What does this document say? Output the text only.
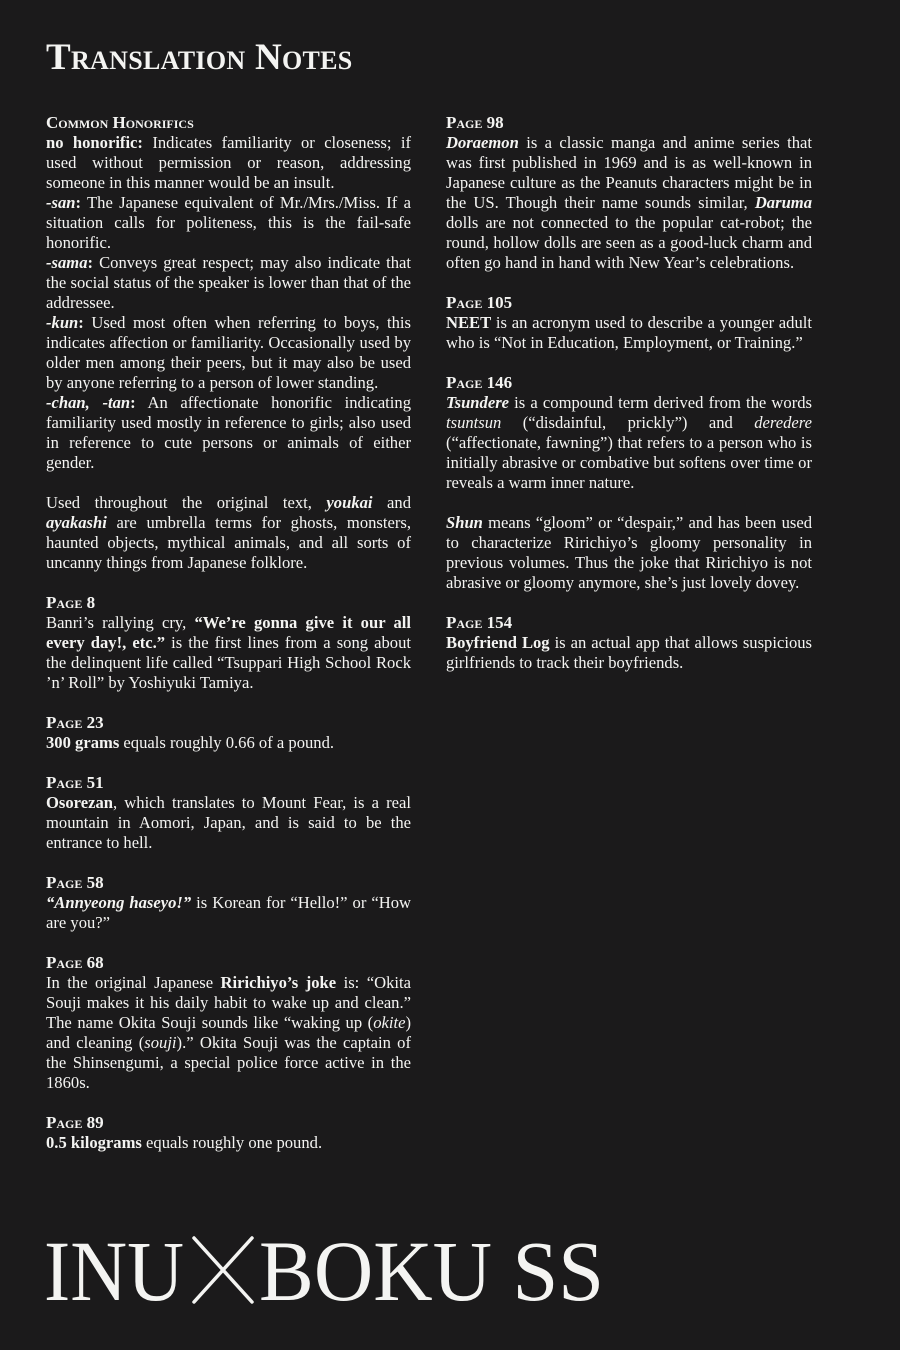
Translation Notes
Common Honorifics
no honorific: Indicates familiarity or closeness; if used without permission or reason, addressing someone in this manner would be an insult.
-san: The Japanese equivalent of Mr./Mrs./Miss. If a situation calls for politeness, this is the fail-safe honorific.
-sama: Conveys great respect; may also indicate that the social status of the speaker is lower than that of the addressee.
-kun: Used most often when referring to boys, this indicates affection or familiarity. Occasionally used by older men among their peers, but it may also be used by anyone referring to a person of lower standing.
-chan, -tan: An affectionate honorific indicating familiarity used mostly in reference to girls; also used in reference to cute persons or animals of either gender.
Used throughout the original text, youkai and ayakashi are umbrella terms for ghosts, monsters, haunted objects, mythical animals, and all sorts of uncanny things from Japanese folklore.
Page 8
Banri’s rallying cry, “We’re gonna give it our all every day!, etc.” is the first lines from a song about the delinquent life called “Tsuppari High School Rock ’n’ Roll” by Yoshiyuki Tamiya.
Page 23
300 grams equals roughly 0.66 of a pound.
Page 51
Osorezan, which translates to Mount Fear, is a real mountain in Aomori, Japan, and is said to be the entrance to hell.
Page 58
“Annyeong haseyo!” is Korean for “Hello!” or “How are you?”
Page 68
In the original Japanese Ririchiyo’s joke is: “Okita Souji makes it his daily habit to wake up and clean.” The name Okita Souji sounds like “waking up (okite) and cleaning (souji).” Okita Souji was the captain of the Shinsengumi, a special police force active in the 1860s.
Page 89
0.5 kilograms equals roughly one pound.
Page 98
Doraemon is a classic manga and anime series that was first published in 1969 and is as well-known in Japanese culture as the Peanuts characters might be in the US. Though their name sounds similar, Daruma dolls are not connected to the popular cat-robot; the round, hollow dolls are seen as a good-luck charm and often go hand in hand with New Year’s celebrations.
Page 105
NEET is an acronym used to describe a younger adult who is “Not in Education, Employment, or Training.”
Page 146
Tsundere is a compound term derived from the words tsuntsun (“disdainful, prickly”) and deredere (“affectionate, fawning”) that refers to a person who is initially abrasive or combative but softens over time or reveals a warm inner nature.
Shun means “gloom” or “despair,” and has been used to characterize Ririchiyo’s gloomy personality in previous volumes. Thus the joke that Ririchiyo is not abrasive or gloomy anymore, she’s just lovely dovey.
Page 154
Boyfriend Log is an actual app that allows suspicious girlfriends to track their boyfriends.
INU BOKU SS
